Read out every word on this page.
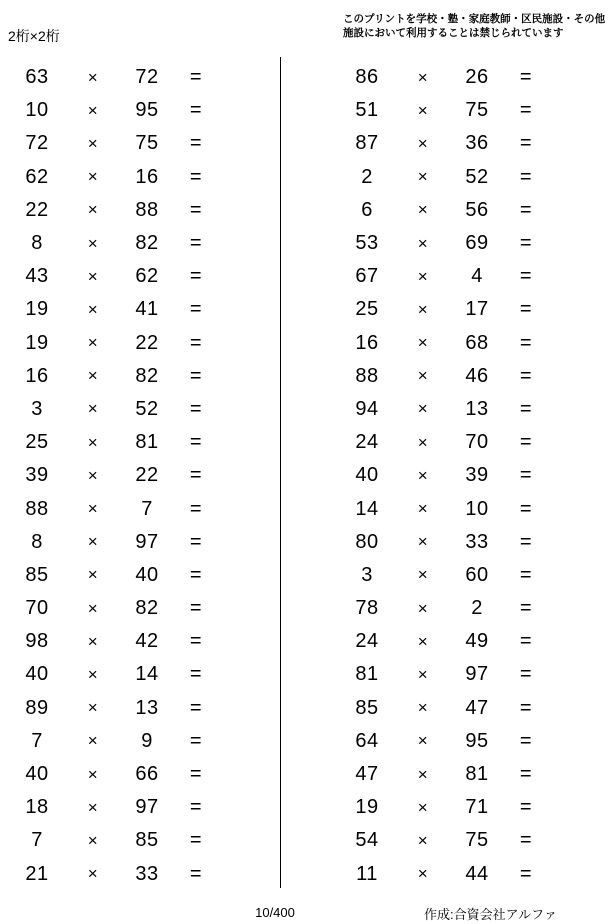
2桁×2桁
このプリントを学校・塾・家庭教師・区民施設・その他
施設において利用することは禁じられています
63	×	72	=
10	×	95	=
72	×	75	=
62	×	16	=
22	×	88	=
8	×	82	=
43	×	62	=
19	×	41	=
19	×	22	=
16	×	82	=
3	×	52	=
25	×	81	=
39	×	22	=
88	×	7	=
8	×	97	=
85	×	40	=
70	×	82	=
98	×	42	=
40	×	14	=
89	×	13	=
7	×	9	=
40	×	66	=
18	×	97	=
7	×	85	=
21	×	33	=
86	×	26	=
51	×	75	=
87	×	36	=
2	×	52	=
6	×	56	=
53	×	69	=
67	×	4	=
25	×	17	=
16	×	68	=
88	×	46	=
94	×	13	=
24	×	70	=
40	×	39	=
14	×	10	=
80	×	33	=
3	×	60	=
78	×	2	=
24	×	49	=
81	×	97	=
85	×	47	=
64	×	95	=
47	×	81	=
19	×	71	=
54	×	75	=
11	×	44	=
10/400	作成:合資会社アルファ
